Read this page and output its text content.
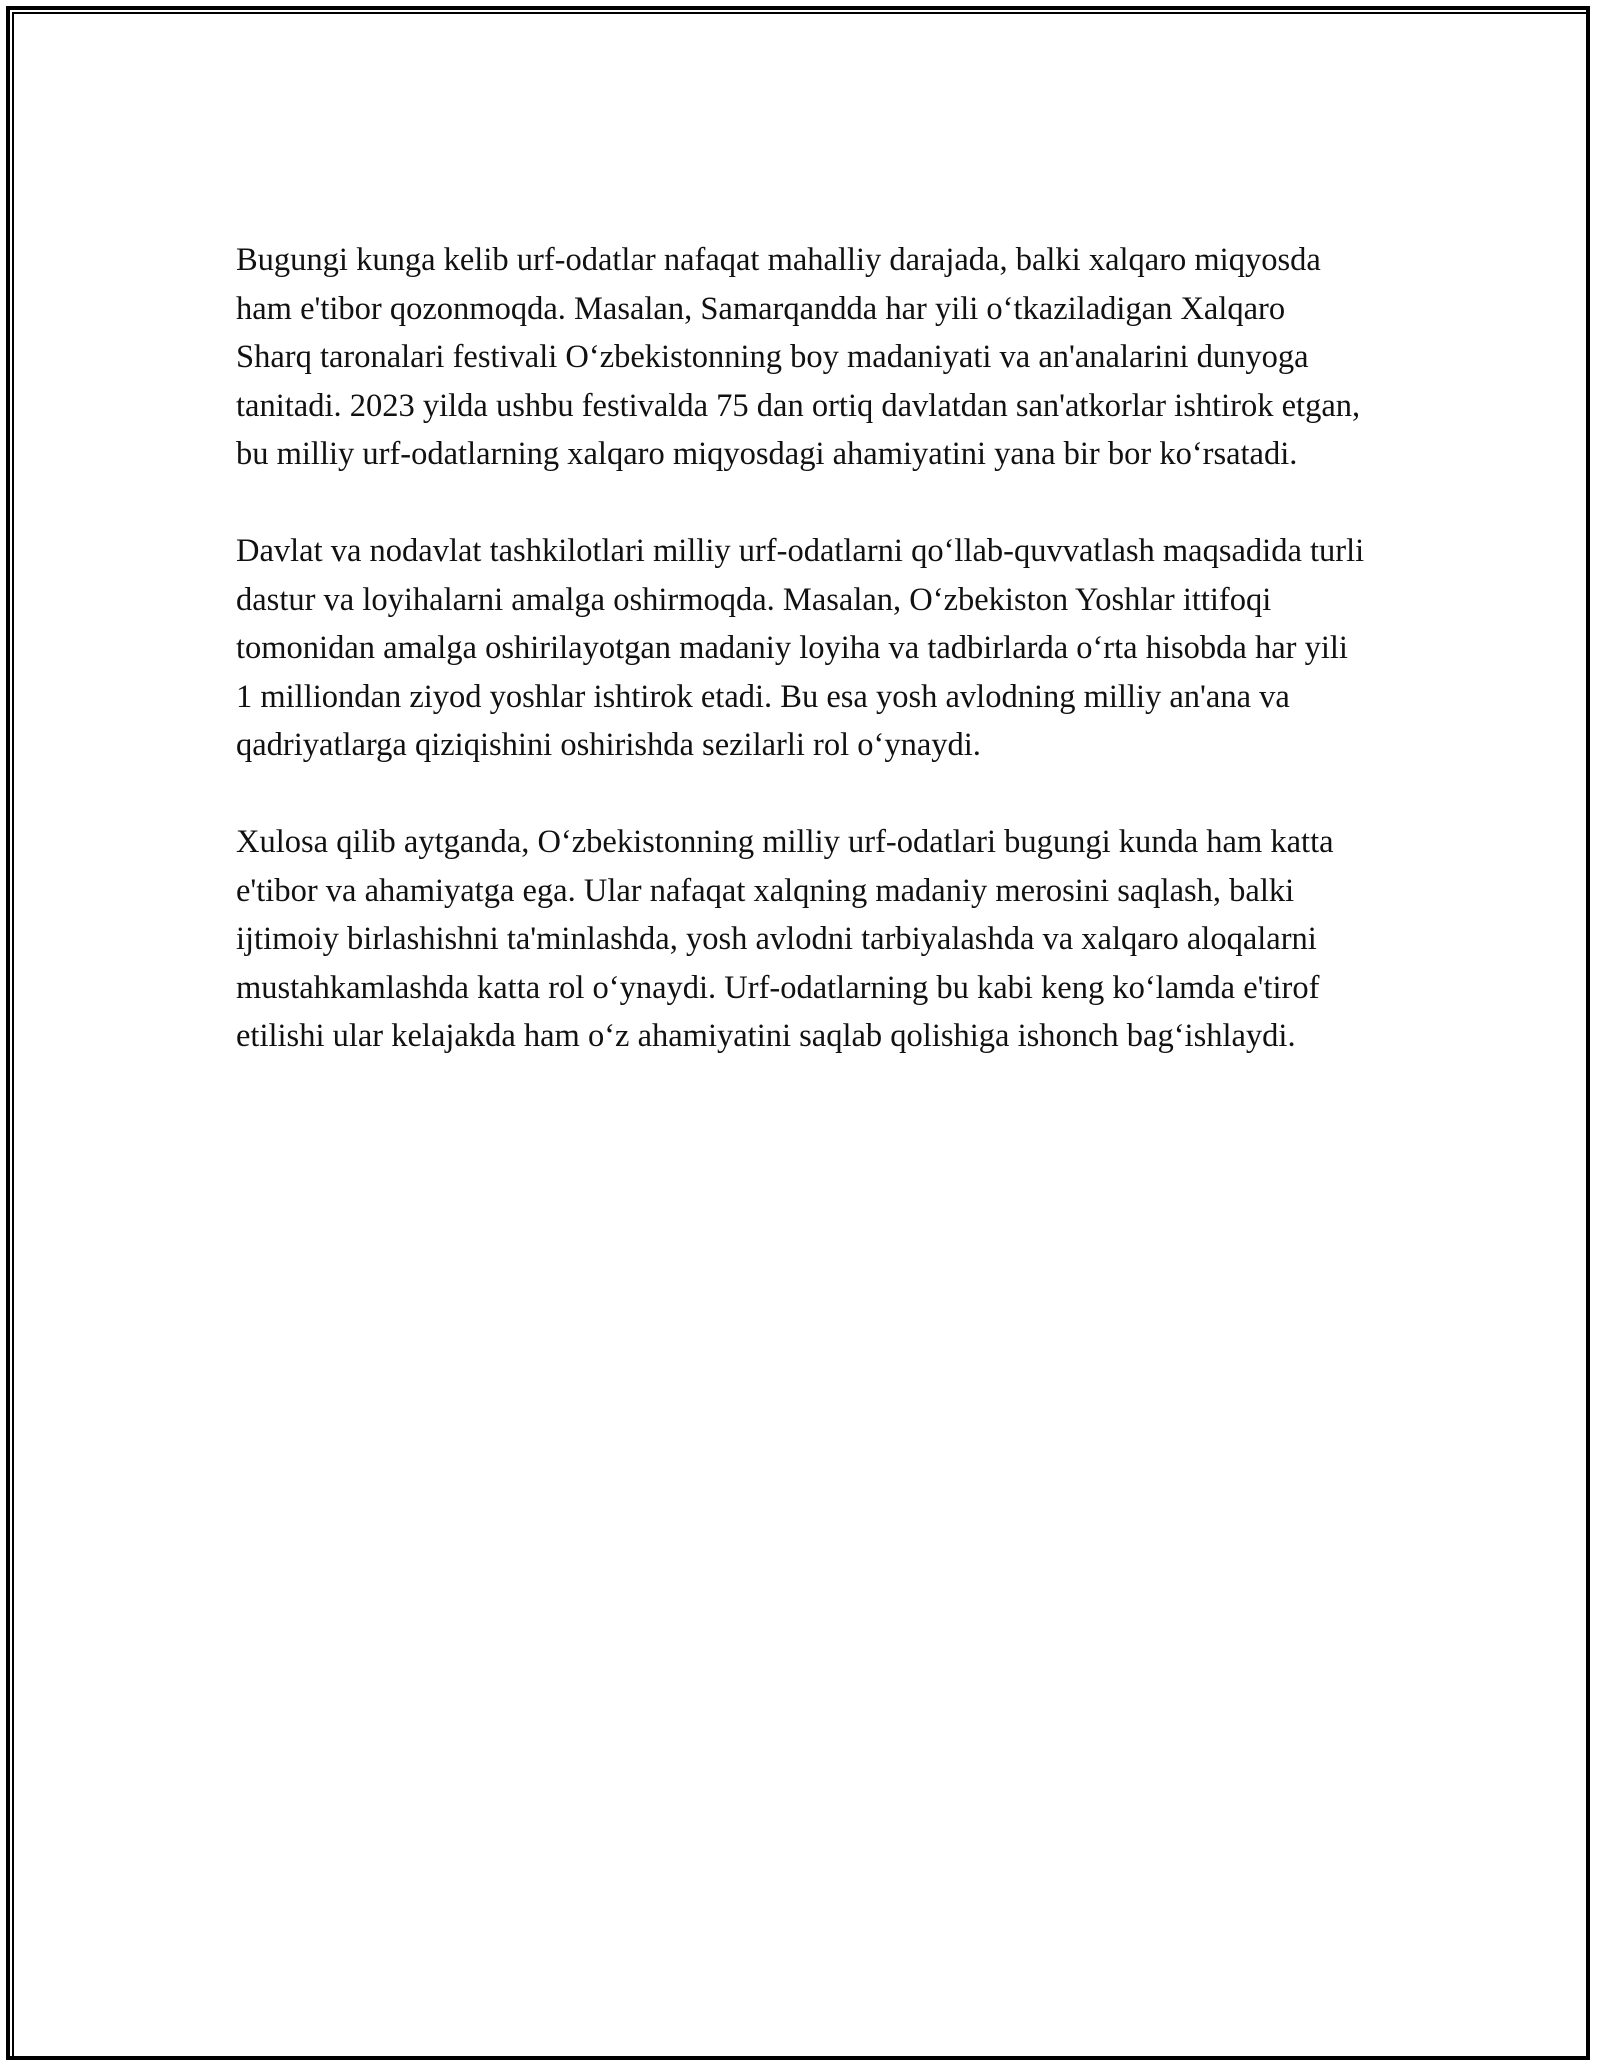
Bugungi kunga kelib urf-odatlar nafaqat mahalliy darajada, balki xalqaro miqyosda ham e'tibor qozonmoqda. Masalan, Samarqandda har yili o‘tkaziladigan Xalqaro Sharq taronalari festivali O‘zbekistonning boy madaniyati va an'analarini dunyoga tanitadi. 2023 yilda ushbu festivalda 75 dan ortiq davlatdan san'atkorlar ishtirok etgan, bu milliy urf-odatlarning xalqaro miqyosdagi ahamiyatini yana bir bor ko‘rsatadi.

Davlat va nodavlat tashkilotlari milliy urf-odatlarni qo‘llab-quvvatlash maqsadida turli dastur va loyihalarni amalga oshirmoqda. Masalan, O‘zbekiston Yoshlar ittifoqi tomonidan amalga oshirilayotgan madaniy loyiha va tadbirlarda o‘rta hisobda har yili 1 milliondan ziyod yoshlar ishtirok etadi. Bu esa yosh avlodning milliy an'ana va qadriyatlarga qiziqishini oshirishda sezilarli rol o‘ynaydi.

Xulosa qilib aytganda, O‘zbekistonning milliy urf-odatlari bugungi kunda ham katta e'tibor va ahamiyatga ega. Ular nafaqat xalqning madaniy merosini saqlash, balki ijtimoiy birlashishni ta'minlashda, yosh avlodni tarbiyalashda va xalqaro aloqalarni mustahkamlashda katta rol o‘ynaydi. Urf-odatlarning bu kabi keng ko‘lamda e'tirof etilishi ular kelajakda ham o‘z ahamiyatini saqlab qolishiga ishonch bag‘ishlaydi.
